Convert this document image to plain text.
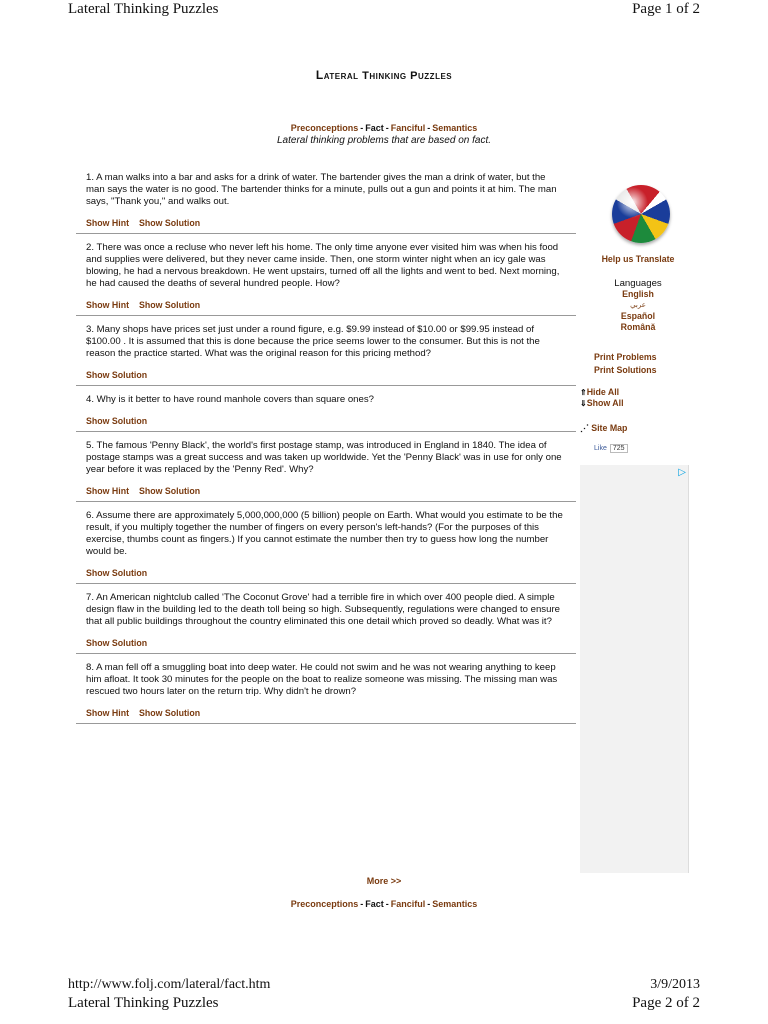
Lateral Thinking Puzzles	Page 1 of 2
Lateral Thinking Puzzles
Preconceptions - Fact - Fanciful - Semantics
Lateral thinking problems that are based on fact.

1. A man walks into a bar and asks for a drink of water. The bartender gives the man a drink of water, but the man says the water is no good. The bartender thinks for a minute, pulls out a gun and points it at him. The man says, "Thank you," and walks out.

Show Hint Show Solution

2. There was once a recluse who never left his home. The only time anyone ever visited him was when his food and supplies were delivered, but they never came inside. Then, one storm winter night when an icy gale was blowing, he had a nervous breakdown. He went upstairs, turned off all the lights and went to bed. Next morning, he had caused the deaths of several hundred people. How?

Show Hint Show Solution

3. Many shops have prices set just under a round figure, e.g. $9.99 instead of $10.00 or $99.95 instead of $100.00 . It is assumed that this is done because the price seems lower to the consumer. But this is not the reason the practice started. What was the original reason for this pricing method?

Show Solution

4. Why is it better to have round manhole covers than square ones?

Show Solution

5. The famous 'Penny Black', the world's first postage stamp, was introduced in England in 1840. The idea of postage stamps was a great success and was taken up worldwide. Yet the 'Penny Black' was in use for only one year before it was replaced by the 'Penny Red'. Why?

Show Hint Show Solution

6. Assume there are approximately 5,000,000,000 (5 billion) people on Earth. What would you estimate to be the result, if you multiply together the number of fingers on every person's left-hands? (For the purposes of this exercise, thumbs count as fingers.) If you cannot estimate the number then try to guess how long the number would be.

Show Solution

7. An American nightclub called 'The Coconut Grove' had a terrible fire in which over 400 people died. A simple design flaw in the building led to the death toll being so high. Subsequently, regulations were changed to ensure that all public buildings throughout the country eliminated this one detail which proved so deadly. What was it?

Show Solution

8. A man fell off a smuggling boat into deep water. He could not swim and he was not wearing anything to keep him afloat. It took 30 minutes for the people on the boat to realize someone was missing. The missing man was rescued two hours later on the return trip. Why didn't he drown?

Show Hint Show Solution
More >>
Preconceptions - Fact - Fanciful - Semantics
Help us Translate
Languages
English
عربي
Español
Română
Print Problems
Print Solutions
⇑Hide All
⇓Show All
⋰ Site Map
Like 725
▷
http://www.folj.com/lateral/fact.htm	3/9/2013
Lateral Thinking Puzzles	Page 2 of 2
